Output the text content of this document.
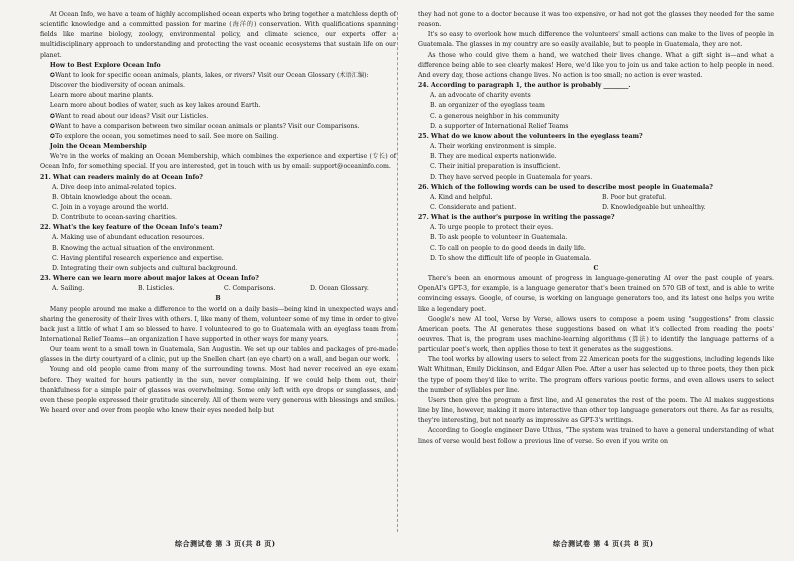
At Ocean Info, we have a team of highly accomplished ocean experts who bring together a matchless depth of scientific knowledge and a committed passion for marine (海洋的) conservation. With qualifications spanning fields like marine biology, zoology, environmental policy, and climate science, our experts offer a multidisciplinary approach to understanding and protecting the vast oceanic ecosystems that sustain life on our planet.

How to Best Explore Ocean Info

✪Want to look for specific ocean animals, plants, lakes, or rivers? Visit our Ocean Glossary (术语汇编):

Discover the biodiversity of ocean animals.

Learn more about marine plants.

Learn more about bodies of water, such as key lakes around Earth.

✪Want to read about our ideas? Visit our Listicles.

✪Want to have a comparison between two similar ocean animals or plants? Visit our Comparisons.

✪To explore the ocean, you sometimes need to sail. See more on Sailing.

Join the Ocean Membership

We're in the works of making an Ocean Membership, which combines the experience and expertise (专长) of Ocean Info, for something special. If you are interested, get in touch with us by email: support@oceaninfo.com.

21. What can readers mainly do at Ocean Info?

A. Dive deep into animal-related topics.

B. Obtain knowledge about the ocean.

C. Join in a voyage around the world.

D. Contribute to ocean-saving charities.

22. What's the key feature of the Ocean Info's team?

A. Making use of abundant education resources.

B. Knowing the actual situation of the environment.

C. Having plentiful research experience and expertise.

D. Integrating their own subjects and cultural background.

23. Where can we learn more about major lakes at Ocean Info?

A. Sailing.	B. Listicles.	C. Comparisons.	D. Ocean Glossary.

B

Many people around me make a difference to the world on a daily basis—being kind in unexpected ways and sharing the generosity of their lives with others. I, like many of them, volunteer some of my time in order to give back just a little of what I am so blessed to have. I volunteered to go to Guatemala with an eyeglass team from International Relief Teams—an organization I have supported in other ways for many years.

Our team went to a small town in Guatemala, San Augustin. We set up our tables and packages of pre-made glasses in the dirty courtyard of a clinic, put up the Snellen chart (an eye chart) on a wall, and began our work.

Young and old people came from many of the surrounding towns. Most had never received an eye exam before. They waited for hours patiently in the sun, never complaining. If we could help them out, their thankfulness for a simple pair of glasses was overwhelming. Some only left with eye drops or sunglasses, and even these people expressed their gratitude sincerely. All of them were very generous with blessings and smiles. We heard over and over from people who knew their eyes needed help but

they had not gone to a doctor because it was too expensive, or had not got the glasses they needed for the same reason.

It's so easy to overlook how much difference the volunteers' small actions can make to the lives of people in Guatemala. The glasses in my country are so easily available, but to people in Guatemala, they are not.

As those who could give them a hand, we watched their lives change. What a gift sight is—and what a difference being able to see clearly makes! Here, we'd like you to join us and take action to help people in need. And every day, those actions change lives. No action is too small; no action is ever wasted.

24. According to paragraph 1, the author is probably ________.

A. an advocate of charity events

B. an organizer of the eyeglass team

C. a generous neighbor in his community

D. a supporter of International Relief Teams

25. What do we know about the volunteers in the eyeglass team?

A. Their working environment is simple.

B. They are medical experts nationwide.

C. Their initial preparation is insufficient.

D. They have served people in Guatemala for years.

26. Which of the following words can be used to describe most people in Guatemala?

A. Kind and helpful.	B. Poor but grateful.
C. Considerate and patient.	D. Knowledgeable but unhealthy.

27. What is the author's purpose in writing the passage?

A. To urge people to protect their eyes.

B. To ask people to volunteer in Guatemala.

C. To call on people to do good deeds in daily life.

D. To show the difficult life of people in Guatemala.

C

There's been an enormous amount of progress in language-generating AI over the past couple of years. OpenAI's GPT-3, for example, is a language generator that's been trained on 570 GB of text, and is able to write convincing essays. Google, of course, is working on language generators too, and its latest one helps you write like a legendary poet.

Google's new AI tool, Verse by Verse, allows users to compose a poem using "suggestions" from classic American poets. The AI generates these suggestions based on what it's collected from reading the poets' oeuvres. That is, the program uses machine-learning algorithms (算法) to identify the language patterns of a particular poet's work, then applies those to text it generates as the suggestions.

The tool works by allowing users to select from 22 American poets for the suggestions, including legends like Walt Whitman, Emily Dickinson, and Edgar Allen Poe. After a user has selected up to three poets, they then pick the type of poem they'd like to write. The program offers various poetic forms, and even allows users to select the number of syllables per line.

Users then give the program a first line, and AI generates the rest of the poem. The AI makes suggestions line by line, however, making it more interactive than other top language generators out there. As far as results, they're interesting, but not nearly as impressive as GPT-3's writings.

According to Google engineer Dave Uthus, "The system was trained to have a general understanding of what lines of verse would best follow a previous line of verse. So even if you write on

综合测试卷 第 3 页(共 8 页)	综合测试卷 第 4 页(共 8 页)
